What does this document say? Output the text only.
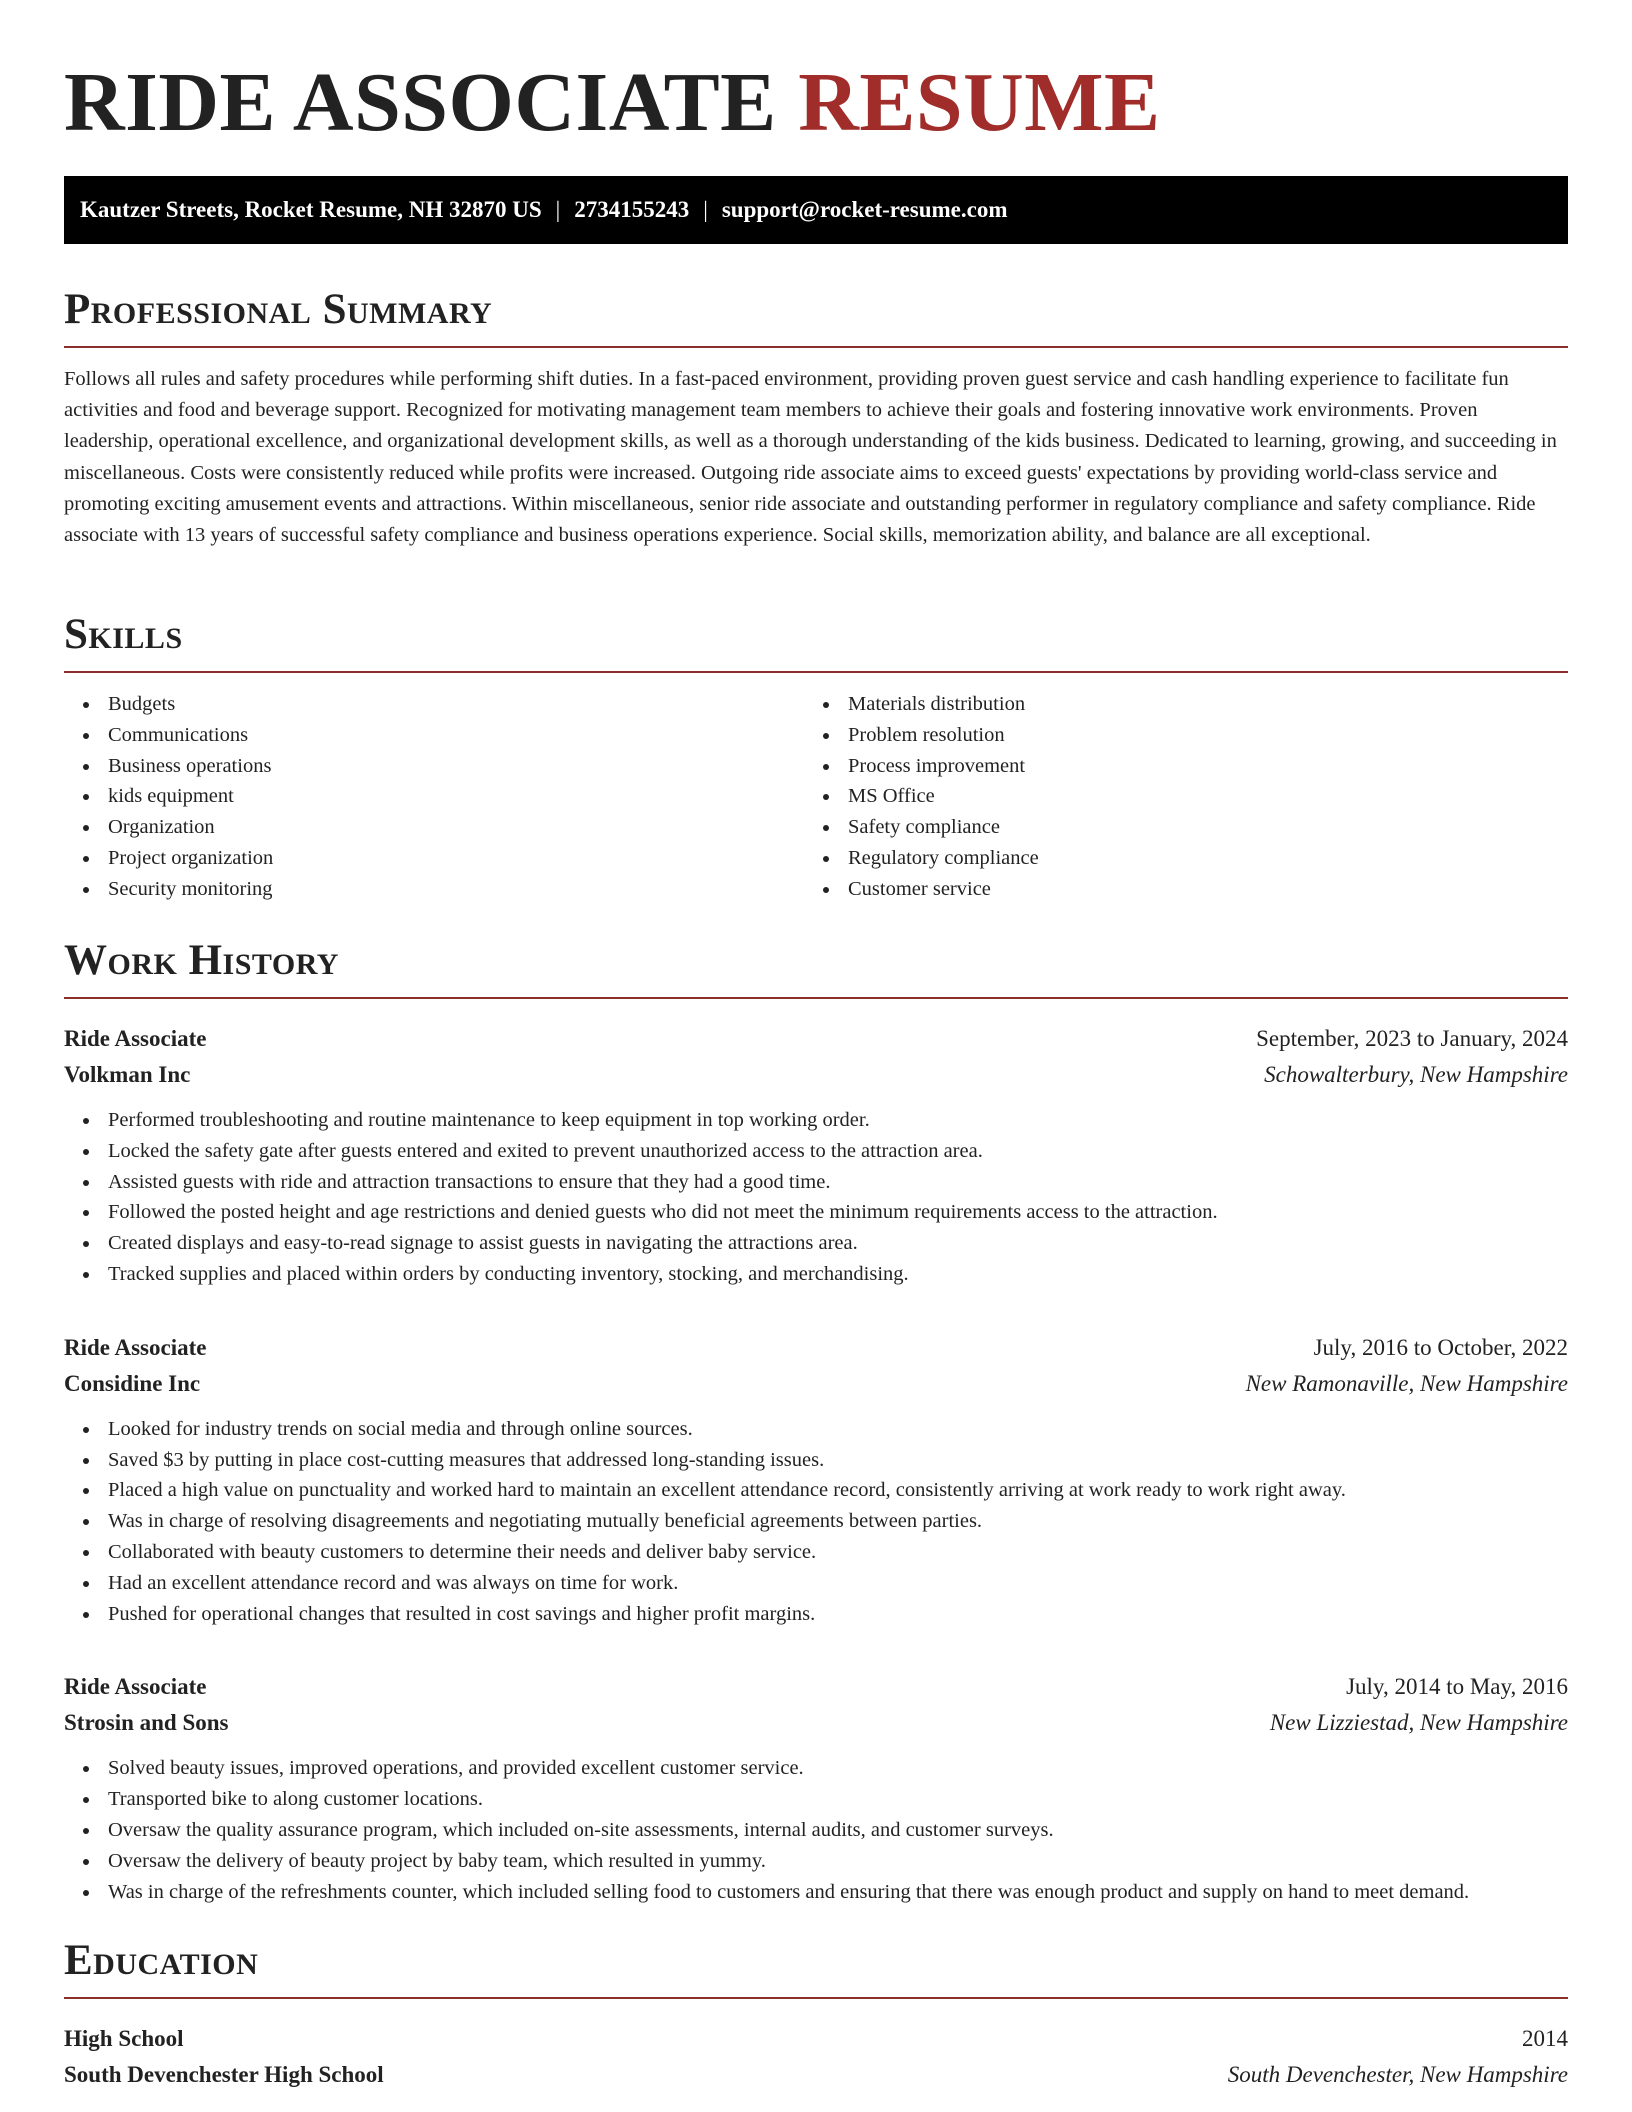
RIDE ASSOCIATE RESUME
Kautzer Streets, Rocket Resume, NH 32870 US | 2734155243 | support@rocket-resume.com
Professional Summary

Follows all rules and safety procedures while performing shift duties. In a fast-paced environment, providing proven guest service and cash handling experience to facilitate fun activities and food and beverage support. Recognized for motivating management team members to achieve their goals and fostering innovative work environments. Proven leadership, operational excellence, and organizational development skills, as well as a thorough understanding of the kids business. Dedicated to learning, growing, and succeeding in miscellaneous. Costs were consistently reduced while profits were increased. Outgoing ride associate aims to exceed guests' expectations by providing world-class service and promoting exciting amusement events and attractions. Within miscellaneous, senior ride associate and outstanding performer in regulatory compliance and safety compliance. Ride associate with 13 years of successful safety compliance and business operations experience. Social skills, memorization ability, and balance are all exceptional.

Skills
Budgets
Communications
Business operations
kids equipment
Organization
Project organization
Security monitoring
Materials distribution
Problem resolution
Process improvement
MS Office
Safety compliance
Regulatory compliance
Customer service
Work History
Ride Associate	September, 2023 to January, 2024
Volkman Inc	Schowalterbury, New Hampshire
Performed troubleshooting and routine maintenance to keep equipment in top working order.
Locked the safety gate after guests entered and exited to prevent unauthorized access to the attraction area.
Assisted guests with ride and attraction transactions to ensure that they had a good time.
Followed the posted height and age restrictions and denied guests who did not meet the minimum requirements access to the attraction.
Created displays and easy-to-read signage to assist guests in navigating the attractions area.
Tracked supplies and placed within orders by conducting inventory, stocking, and merchandising.
Ride Associate	July, 2016 to October, 2022
Considine Inc	New Ramonaville, New Hampshire
Looked for industry trends on social media and through online sources.
Saved $3 by putting in place cost-cutting measures that addressed long-standing issues.
Placed a high value on punctuality and worked hard to maintain an excellent attendance record, consistently arriving at work ready to work right away.
Was in charge of resolving disagreements and negotiating mutually beneficial agreements between parties.
Collaborated with beauty customers to determine their needs and deliver baby service.
Had an excellent attendance record and was always on time for work.
Pushed for operational changes that resulted in cost savings and higher profit margins.
Ride Associate	July, 2014 to May, 2016
Strosin and Sons	New Lizziestad, New Hampshire
Solved beauty issues, improved operations, and provided excellent customer service.
Transported bike to along customer locations.
Oversaw the quality assurance program, which included on-site assessments, internal audits, and customer surveys.
Oversaw the delivery of beauty project by baby team, which resulted in yummy.
Was in charge of the refreshments counter, which included selling food to customers and ensuring that there was enough product and supply on hand to meet demand.
Education
High School	2014
South Devenchester High School	South Devenchester, New Hampshire
